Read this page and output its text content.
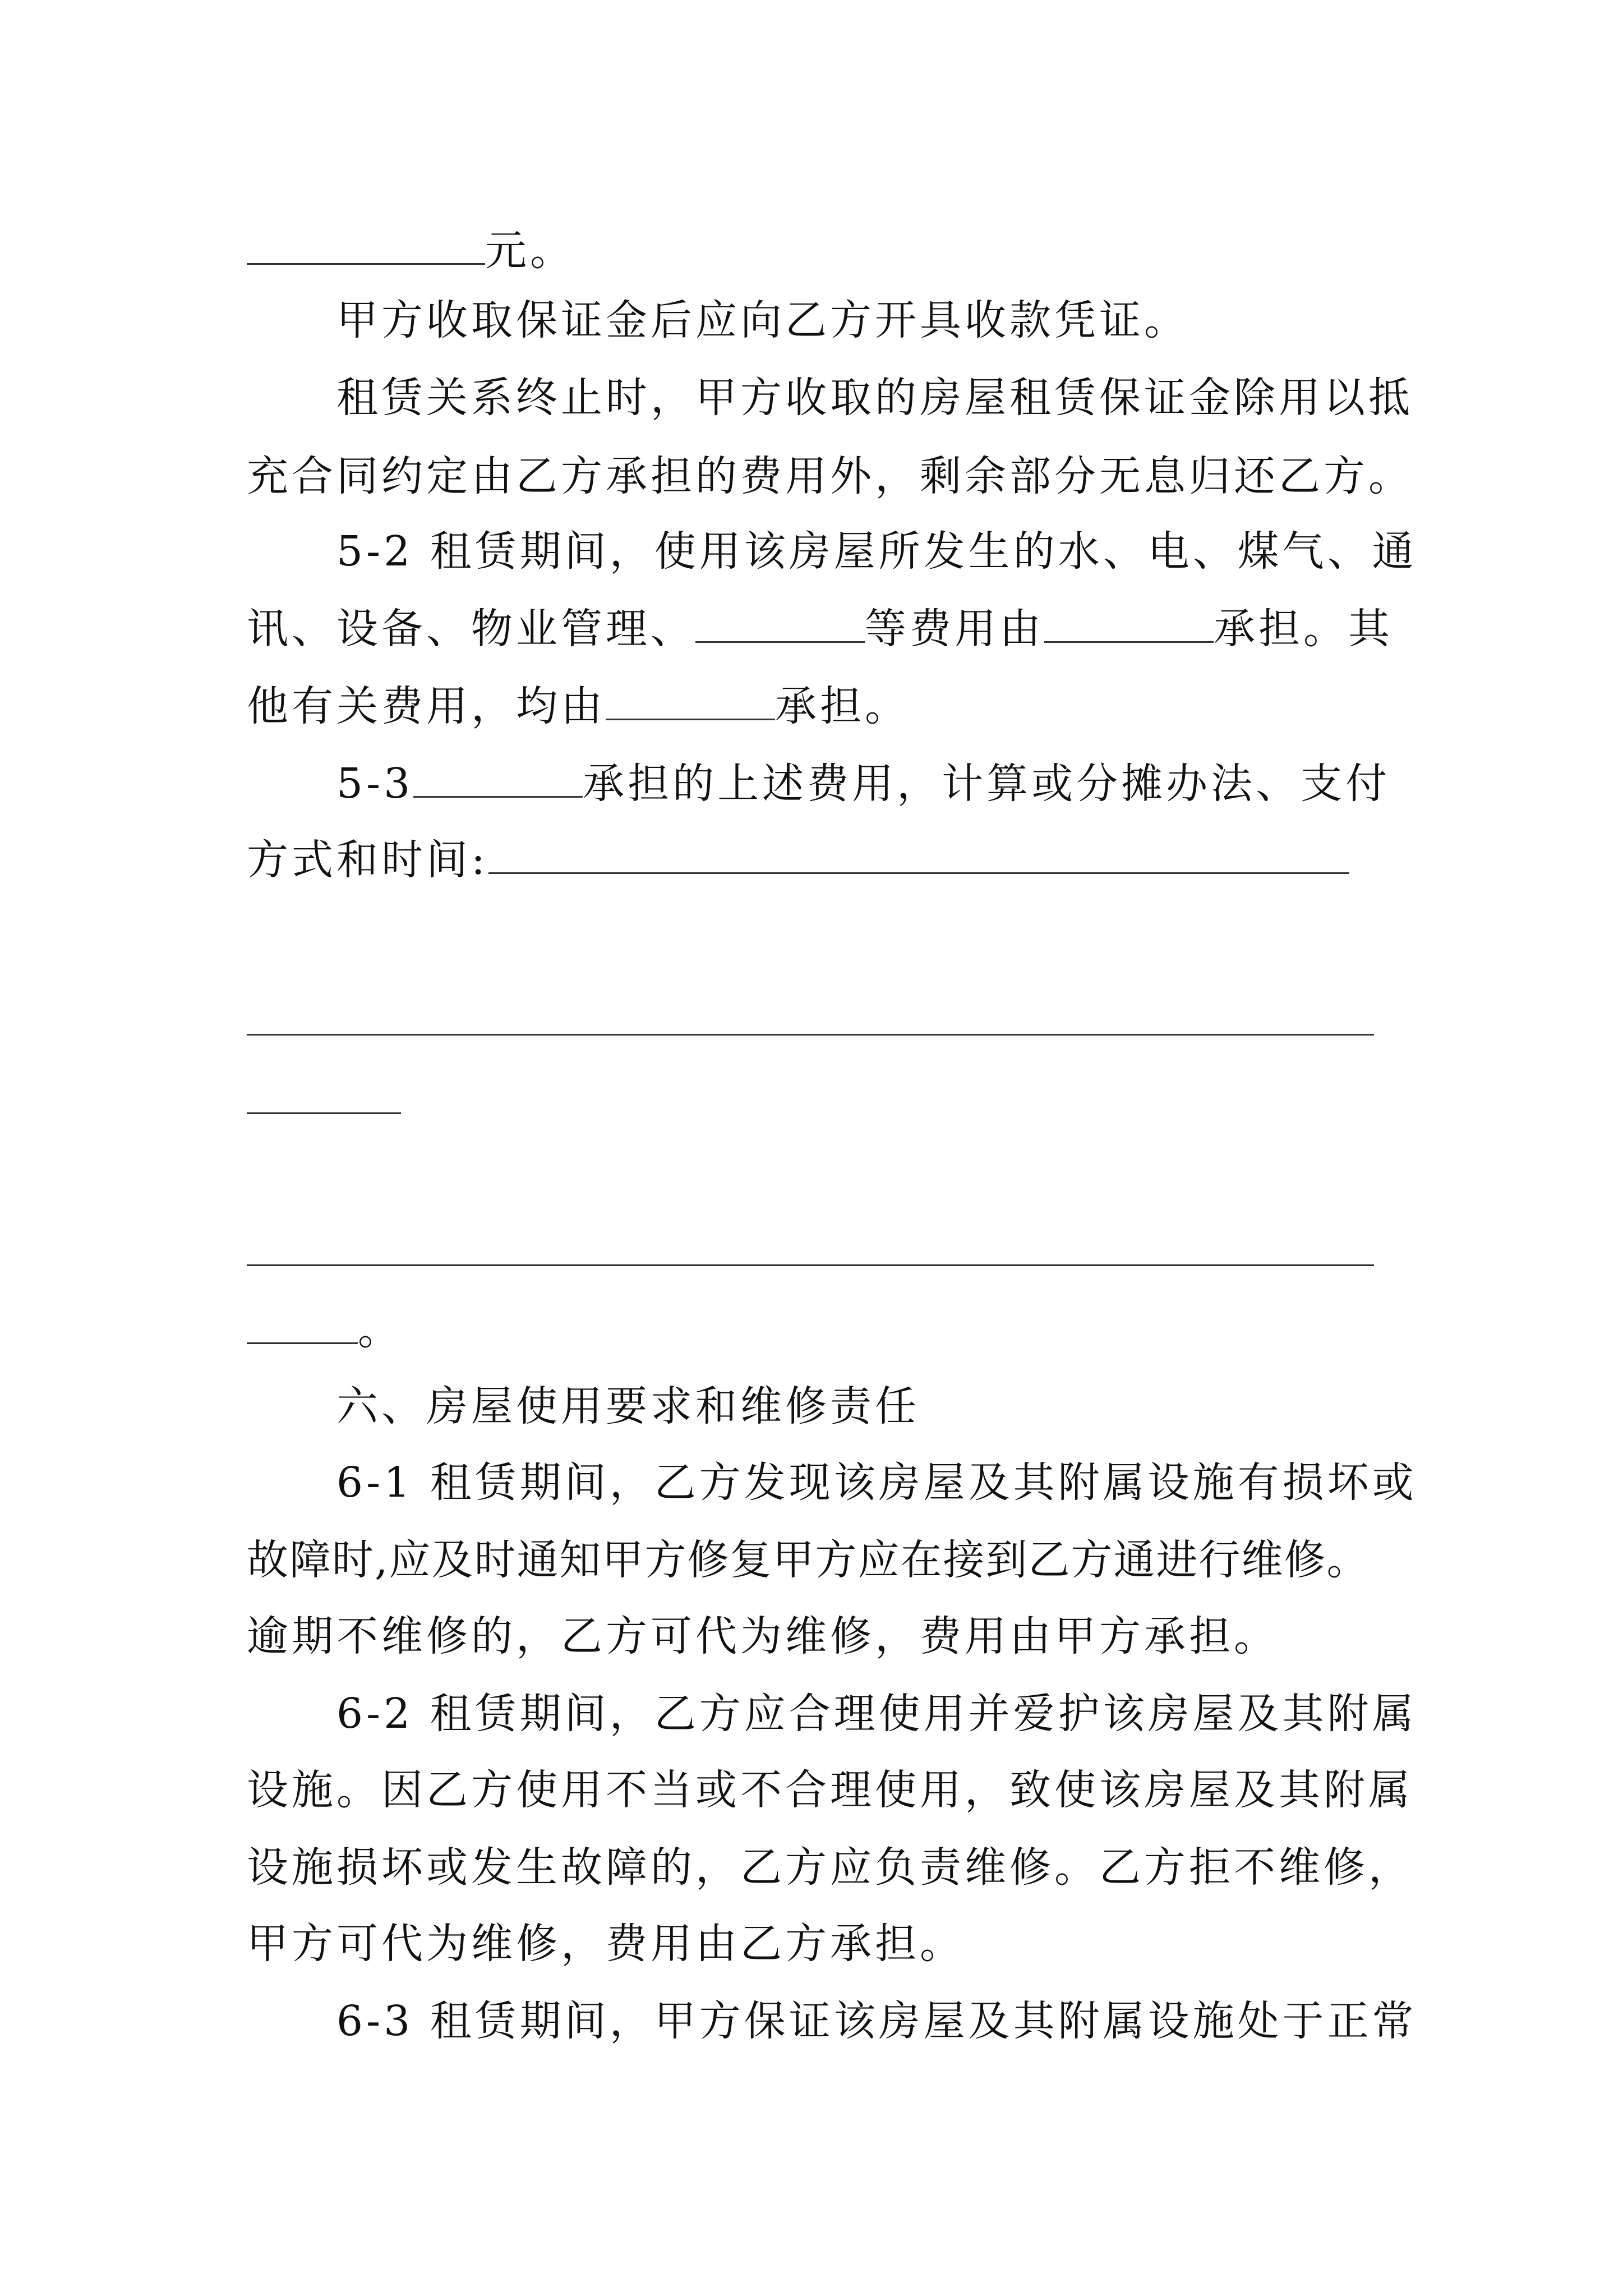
元。
甲方收取保证金后应向乙方开具收款凭证。
租赁关系终止时，甲方收取的房屋租赁保证金除用以抵
充合同约定由乙方承担的费用外，剩余部分无息归还乙方。
5-2 租赁期间，使用该房屋所发生的水、电、煤气、通
讯、设备、物业管理、	等费用由	承担。其
他有关费用，均由	承担。
5-3	承担的上述费用，计算或分摊办法、支付
方式和时间:
。
六、房屋使用要求和维修责任
6-1 租赁期间，乙方发现该房屋及其附属设施有损坏或
故障时,应及时通知甲方修复甲方应在接到乙方通进行维修。
逾期不维修的，乙方可代为维修，费用由甲方承担。
6-2 租赁期间，乙方应合理使用并爱护该房屋及其附属
设施。因乙方使用不当或不合理使用，致使该房屋及其附属
设施损坏或发生故障的，乙方应负责维修。乙方拒不维修，
甲方可代为维修，费用由乙方承担。
6-3 租赁期间，甲方保证该房屋及其附属设施处于正常
